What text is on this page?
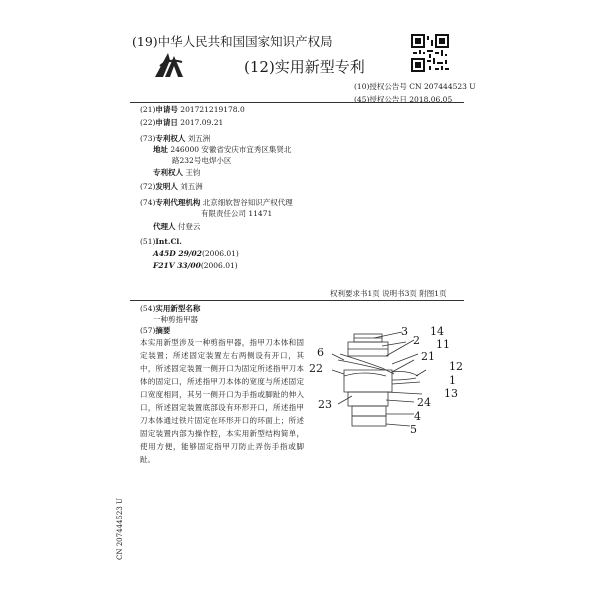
(19)中华人民共和国国家知识产权局
(12)实用新型专利
(10)授权公告号 CN 207444523 U
(45)授权公告日 2018.06.05
(21)申请号 201721219178.0
(22)申请日 2017.09.21
(73)专利权人 刘五洲
地址 246000 安徽省安庆市宜秀区集贤北
路232号电焊小区
专利权人 王钧
(72)发明人 刘五洲
(74)专利代理机构 北京细软智谷知识产权代理
有限责任公司 11471
代理人 付登云
(51)Int.Cl.
A45D 29/02(2006.01)
F21V 33/00(2006.01)
权利要求书1页 说明书3页 附图1页
(54)实用新型名称
一种剪指甲器
(57)摘要
本实用新型涉及一种剪指甲器，指甲刀本体和固定装置；所述固定装置左右两侧设有开口，其中，所述固定装置一侧开口为固定所述指甲刀本体的固定口，所述指甲刀本体的宽度与所述固定口宽度相同，其另一侧开口为手指或脚趾的伸入口，所述固定装置底部设有环形开口，所述指甲刀本体通过铁片固定在环形开口的环面上；所述固定装置内部为操作腔，本实用新型结构简单，使用方便，能够固定指甲刀防止弄伤手指或脚趾。
3
2
14
6
11
21
22	12
1
13
23	24
4
5
CN 207444523 U
